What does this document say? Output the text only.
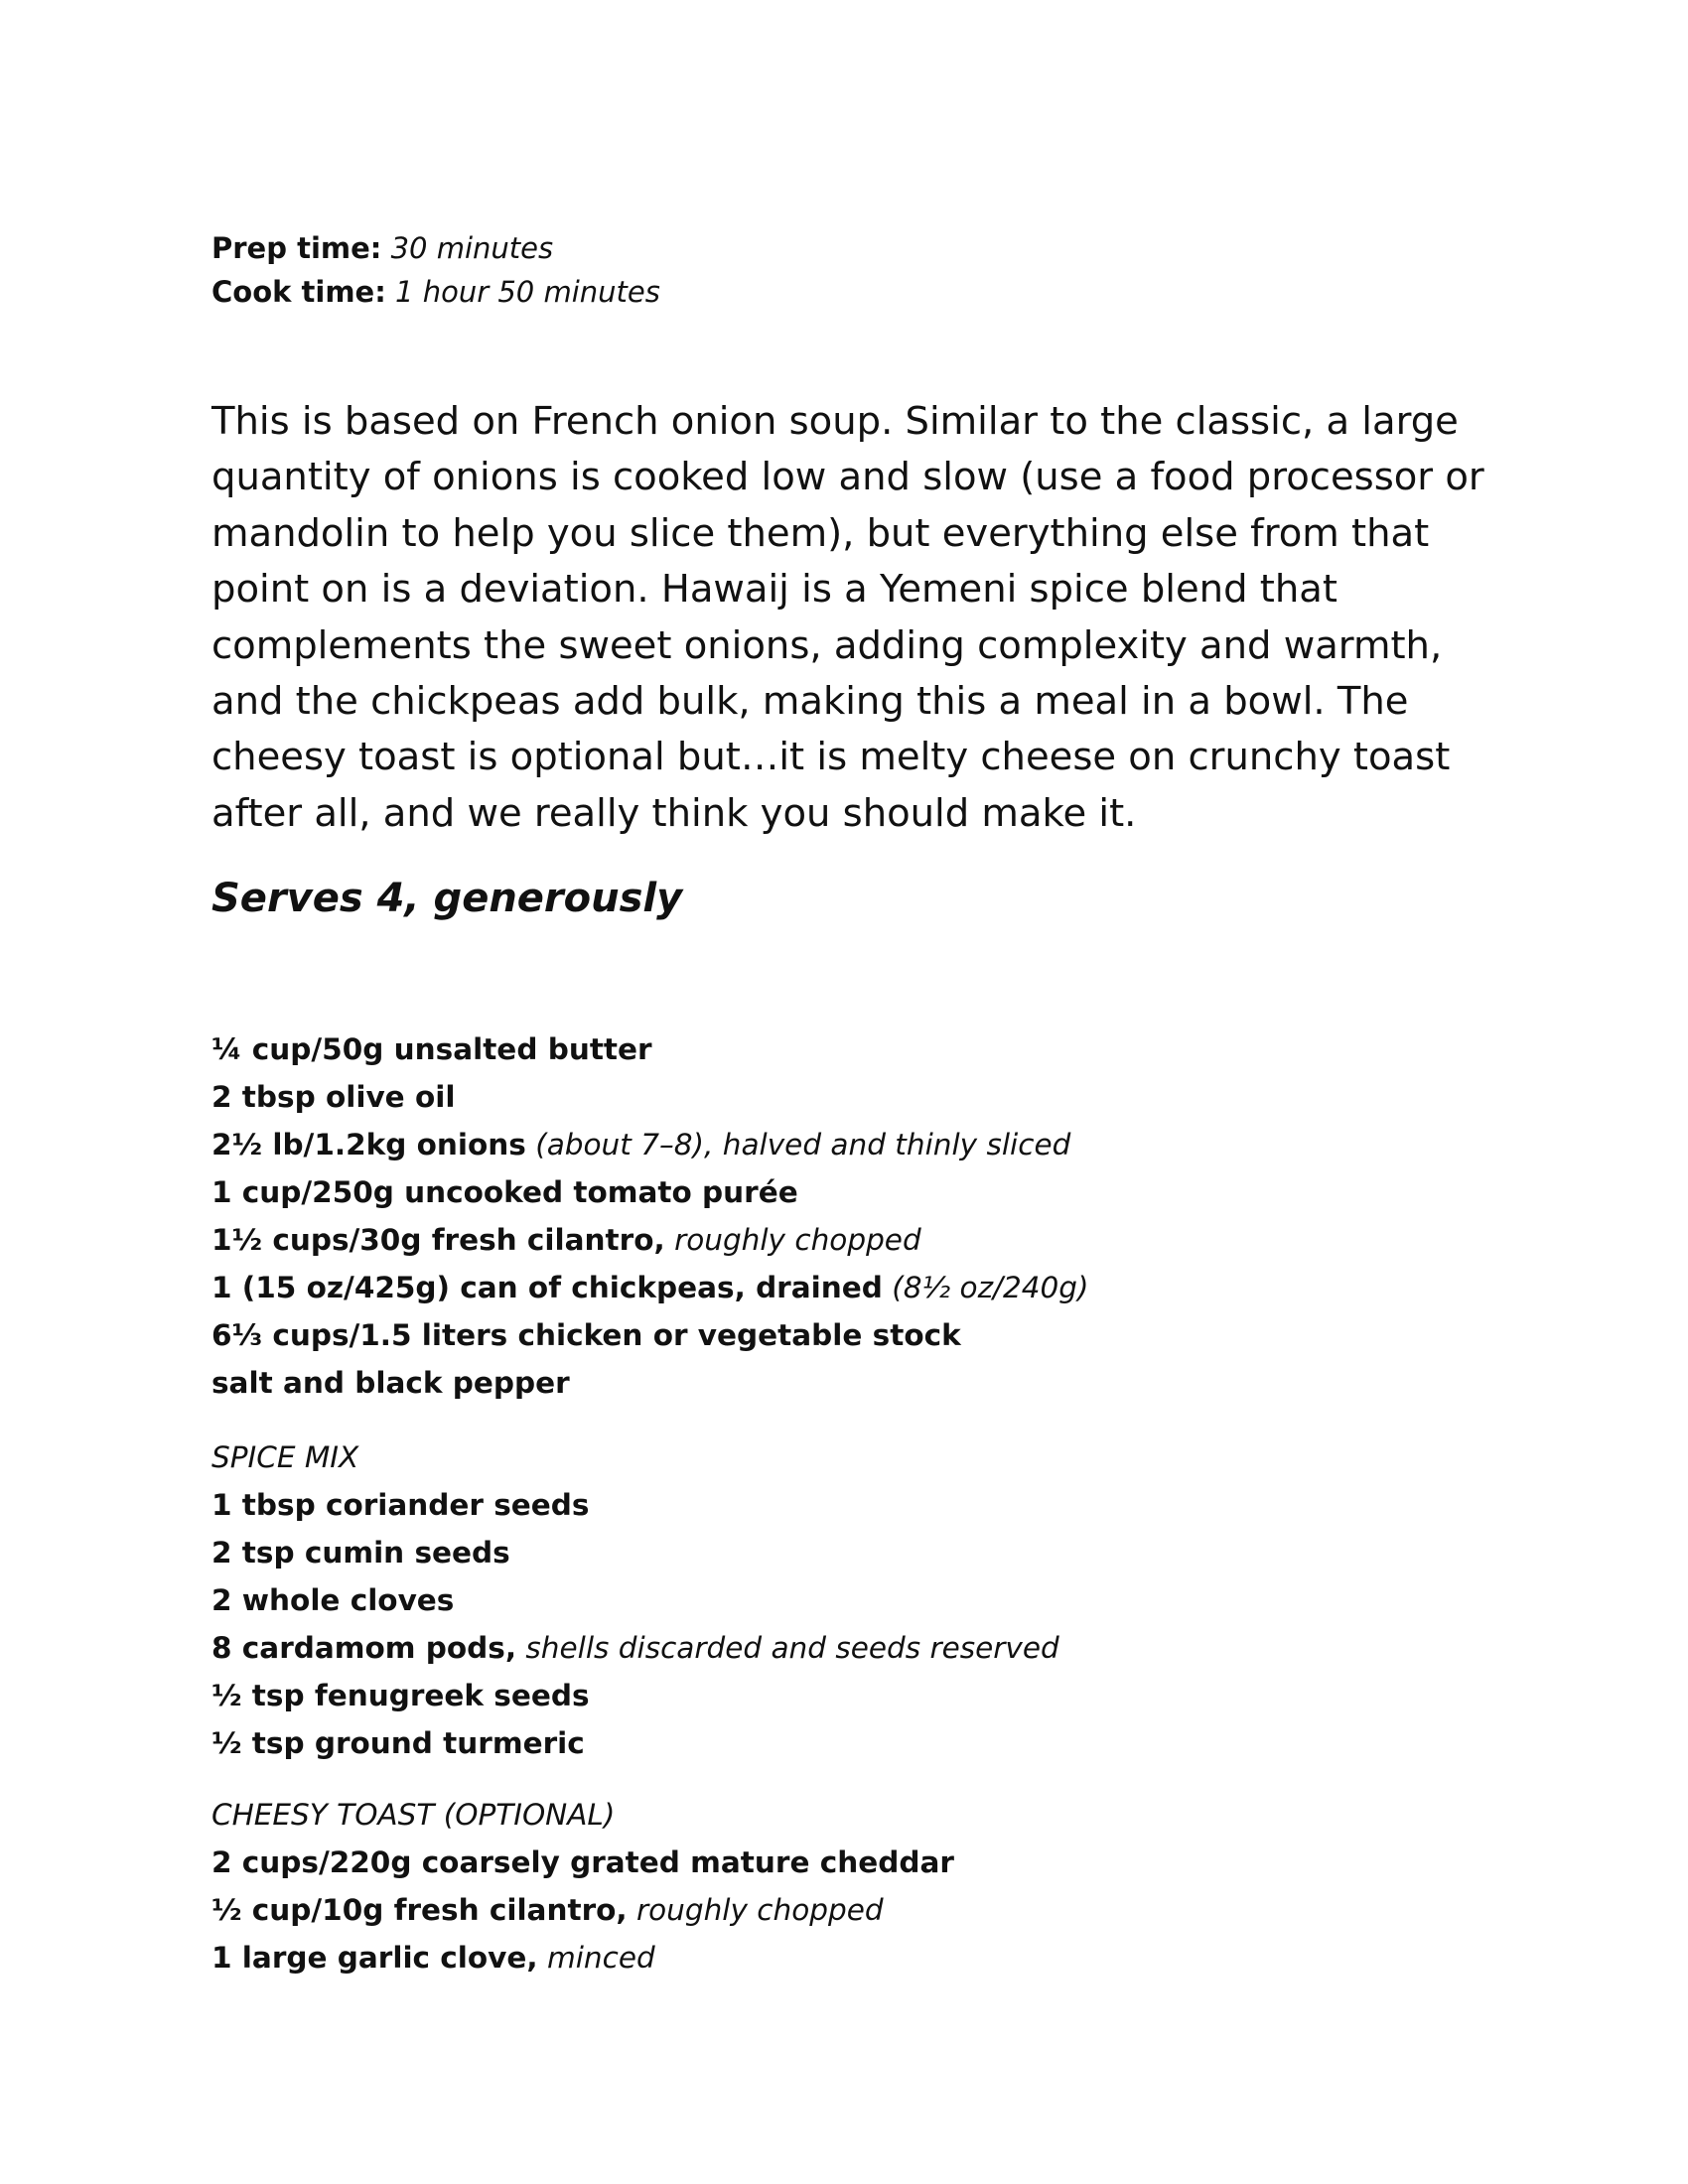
Prep time: 30 minutes
Cook time: 1 hour 50 minutes

This is based on French onion soup. Similar to the classic, a large quantity of onions is cooked low and slow (use a food processor or mandolin to help you slice them), but everything else from that point on is a deviation. Hawaij is a Yemeni spice blend that complements the sweet onions, adding complexity and warmth, and the chickpeas add bulk, making this a meal in a bowl. The cheesy toast is optional but…it is melty cheese on crunchy toast after all, and we really think you should make it.

Serves 4, generously

¼ cup/50g unsalted butter
2 tbsp olive oil
2½ lb/1.2kg onions (about 7–8), halved and thinly sliced
1 cup/250g uncooked tomato purée
1½ cups/30g fresh cilantro, roughly chopped
1 (15 oz/425g) can of chickpeas, drained (8½ oz/240g)
6⅓ cups/1.5 liters chicken or vegetable stock
salt and black pepper

SPICE MIX

1 tbsp coriander seeds
2 tsp cumin seeds
2 whole cloves
8 cardamom pods, shells discarded and seeds reserved
½ tsp fenugreek seeds
½ tsp ground turmeric

CHEESY TOAST (OPTIONAL)

2 cups/220g coarsely grated mature cheddar
½ cup/10g fresh cilantro, roughly chopped
1 large garlic clove, minced
